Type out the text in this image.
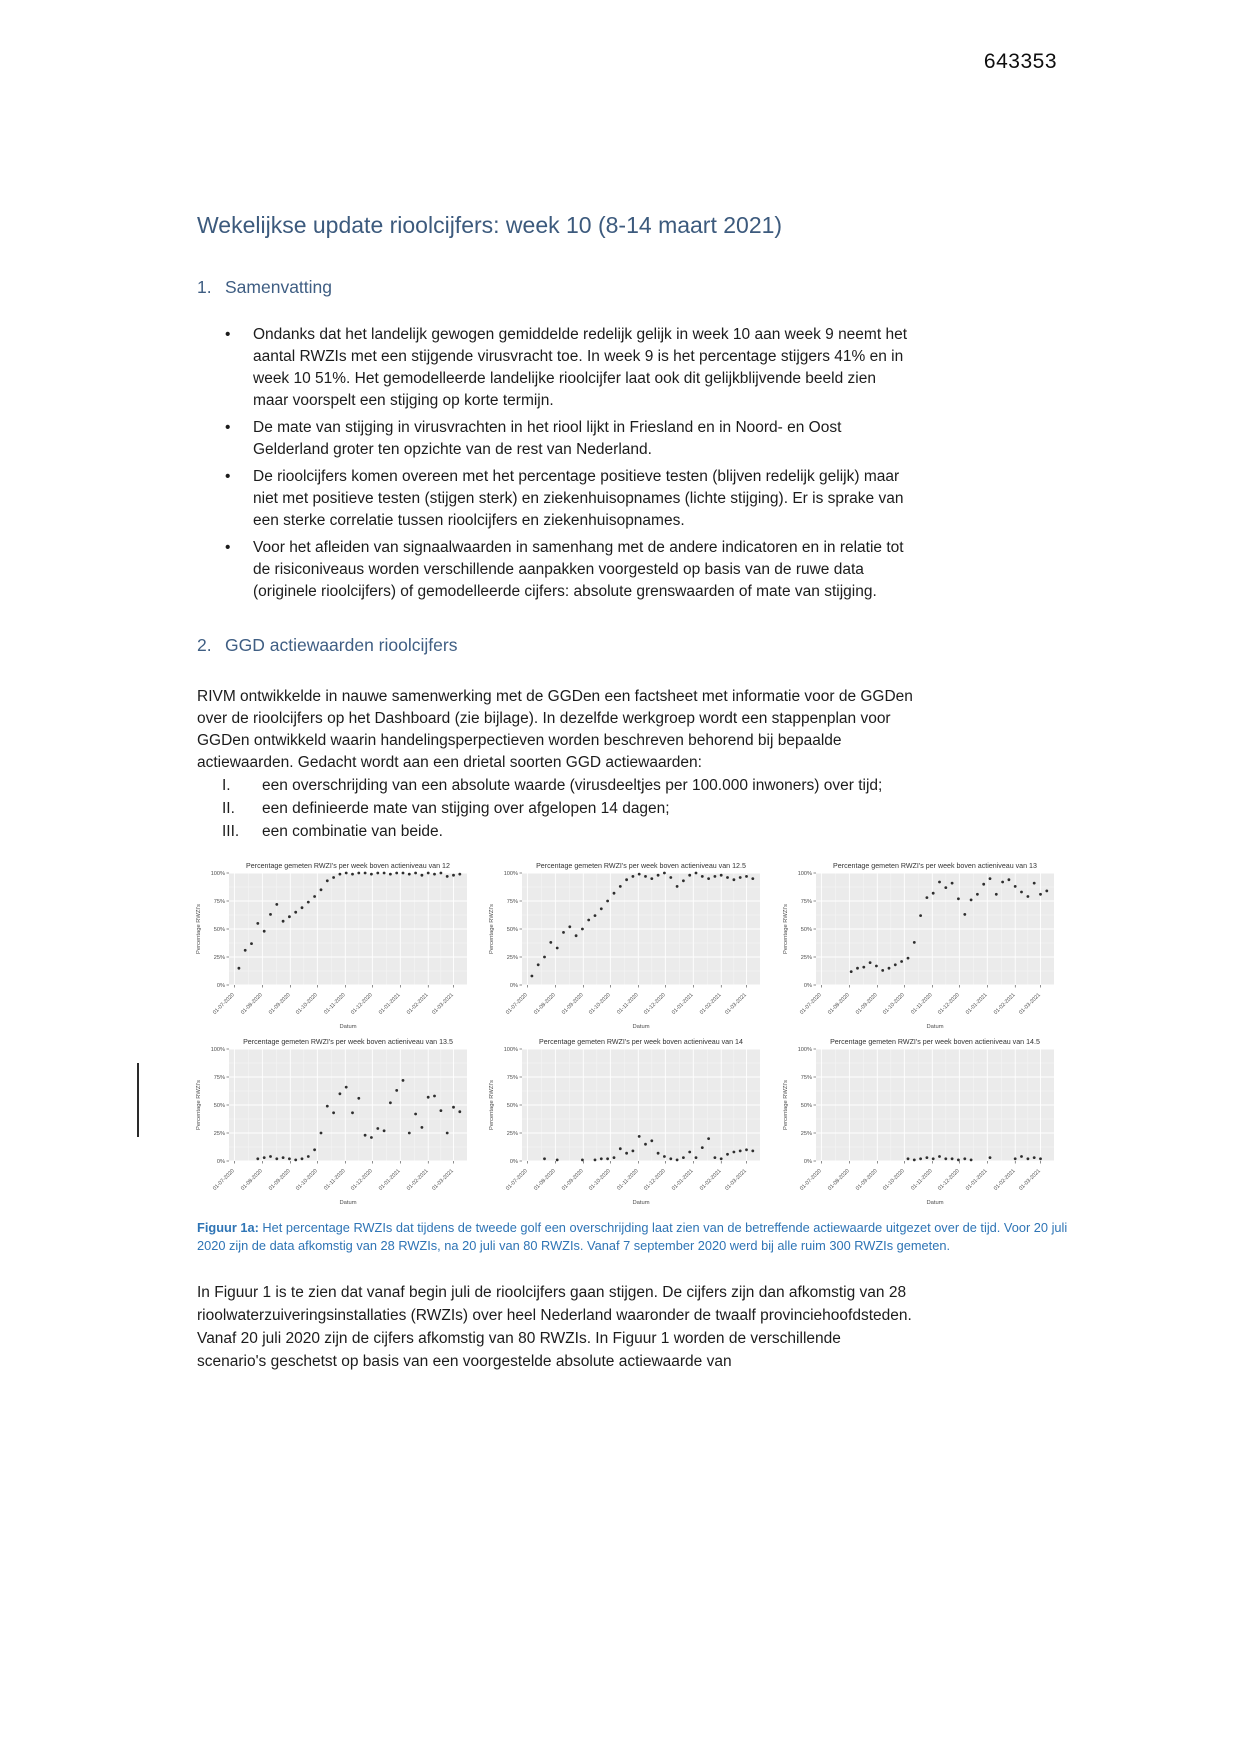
643353
Wekelijkse update rioolcijfers: week 10 (8-14 maart 2021)
1. Samenvatting
•	Ondanks dat het landelijk gewogen gemiddelde redelijk gelijk in week 10 aan week 9 neemt het aantal RWZIs met een stijgende virusvracht toe. In week 9 is het percentage stijgers 41% en in week 10 51%. Het gemodelleerde landelijke rioolcijfer laat ook dit gelijkblijvende beeld zien maar voorspelt een stijging op korte termijn.
•	De mate van stijging in virusvrachten in het riool lijkt in Friesland en in Noord- en Oost Gelderland groter ten opzichte van de rest van Nederland.
•	De rioolcijfers komen overeen met het percentage positieve testen (blijven redelijk gelijk) maar niet met positieve testen (stijgen sterk) en ziekenhuisopnames (lichte stijging). Er is sprake van een sterke correlatie tussen rioolcijfers en ziekenhuisopnames.
•	Voor het afleiden van signaalwaarden in samenhang met de andere indicatoren en in relatie tot de risiconiveaus worden verschillende aanpakken voorgesteld op basis van de ruwe data (originele rioolcijfers) of gemodelleerde cijfers: absolute grenswaarden of mate van stijging.
2. GGD actiewaarden rioolcijfers
RIVM ontwikkelde in nauwe samenwerking met de GGDen een factsheet met informatie voor de GGDen over de rioolcijfers op het Dashboard (zie bijlage). In dezelfde werkgroep wordt een stappenplan voor GGDen ontwikkeld waarin handelingsperpectieven worden beschreven behorend bij bepaalde actiewaarden. Gedacht wordt aan een drietal soorten GGD actiewaarden:
I.	een overschrijding van een absolute waarde (virusdeeltjes per 100.000 inwoners) over tijd;
II.	een definieerde mate van stijging over afgelopen 14 dagen;
III.	een combinatie van beide.
0%
25%
50%
75%
100%
01-07-2020 01-08-2020 01-09-2020 01-10-2020 01-11-2020 01-12-2020 01-01-2021 01-02-2021 01-03-2021
Percentage gemeten RWZI's per week boven actieniveau van 12
Percentage RWZI's
Datum
0%
25%
50%
75%
100%
01-07-2020 01-08-2020 01-09-2020 01-10-2020 01-11-2020 01-12-2020 01-01-2021 01-02-2021 01-03-2021
Percentage gemeten RWZI's per week boven actieniveau van 12.5
Percentage RWZI's
Datum
0%
25%
50%
75%
100%
01-07-2020 01-08-2020 01-09-2020 01-10-2020 01-11-2020 01-12-2020 01-01-2021 01-02-2021 01-03-2021
Percentage gemeten RWZI's per week boven actieniveau van 13
Percentage RWZI's
Datum
0%
25%
50%
75%
100%
01-07-2020 01-08-2020 01-09-2020 01-10-2020 01-11-2020 01-12-2020 01-01-2021 01-02-2021 01-03-2021
Percentage gemeten RWZI's per week boven actieniveau van 13.5
Percentage RWZI's
Datum
0%
25%
50%
75%
100%
01-07-2020 01-08-2020 01-09-2020 01-10-2020 01-11-2020 01-12-2020 01-01-2021 01-02-2021 01-03-2021
Percentage gemeten RWZI's per week boven actieniveau van 14
Percentage RWZI's
Datum
0%
25%
50%
75%
100%
01-07-2020 01-08-2020 01-09-2020 01-10-2020 01-11-2020 01-12-2020 01-01-2021 01-02-2021 01-03-2021
Percentage gemeten RWZI's per week boven actieniveau van 14.5
Percentage RWZI's
Datum
Figuur 1a: Het percentage RWZIs dat tijdens de tweede golf een overschrijding laat zien van de betreffende actiewaarde uitgezet over de tijd. Voor 20 juli 2020 zijn de data afkomstig van 28 RWZIs, na 20 juli van 80 RWZIs. Vanaf 7 september 2020 werd bij alle ruim 300 RWZIs gemeten.
In Figuur 1 is te zien dat vanaf begin juli de rioolcijfers gaan stijgen. De cijfers zijn dan afkomstig van 28 rioolwaterzuiveringsinstallaties (RWZIs) over heel Nederland waaronder de twaalf provinciehoofdsteden. Vanaf 20 juli 2020 zijn de cijfers afkomstig van 80 RWZIs. In Figuur 1 worden de verschillende scenario's geschetst op basis van een voorgestelde absolute actiewaarde van
